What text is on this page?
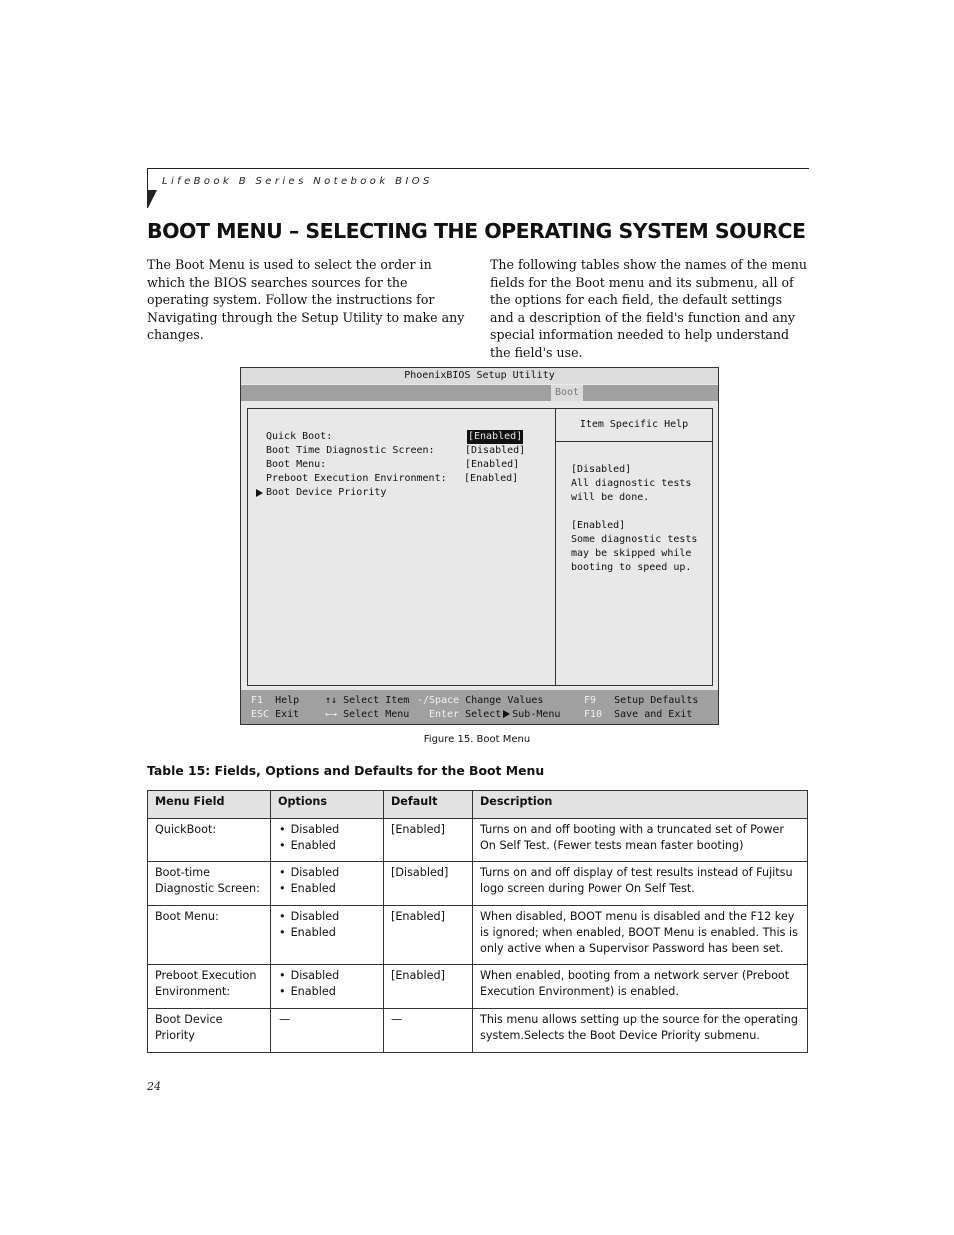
LifeBook B Series Notebook BIOS
BOOT MENU – SELECTING THE OPERATING SYSTEM SOURCE

The Boot Menu is used to select the order in which the BIOS searches sources for the operating system. Follow the instructions for Navigating through the Setup Utility to make any changes.

The following tables show the names of the menu fields for the Boot menu and its submenu, all of the options for each field, the default settings and a description of the field's function and any special information needed to help understand the field's use.

PhoenixBIOS Setup Utility
Boot
Quick Boot:	[Enabled]
Boot Time Diagnostic Screen:	[Disabled]
Boot Menu:	[Enabled]
Preboot Execution Environment: [Enabled]
Boot Device Priority
Item Specific Help
[Disabled]
All diagnostic tests
will be done.
[Enabled]
Some diagnostic tests
may be skipped while
booting to speed up.
F1 Help
ESC Exit
↑↓ Select Item
←→ Select Menu
-/Space Change Values
Enter Select Sub-Menu
F9 Setup Defaults
F10 Save and Exit
Figure 15. Boot Menu
Table 15: Fields, Options and Defaults for the Boot Menu
Menu Field	Options	Default	Description
QuickBoot:	• Disabled
• Enabled	[Enabled]	Turns on and off booting with a truncated set of Power On Self Test. (Fewer tests mean faster booting)
Boot-time Diagnostic Screen:	• Disabled
• Enabled	[Disabled]	Turns on and off display of test results instead of Fujitsu logo screen during Power On Self Test.
Boot Menu:	• Disabled
• Enabled	[Enabled]	When disabled, BOOT menu is disabled and the F12 key is ignored; when enabled, BOOT Menu is enabled. This is only active when a Supervisor Password has been set.
Preboot Execution Environment:	• Disabled
• Enabled	[Enabled]	When enabled, booting from a network server (Preboot Execution Environment) is enabled.
Boot Device Priority	—	—	This menu allows setting up the source for the operating system.Selects the Boot Device Priority submenu.
24
